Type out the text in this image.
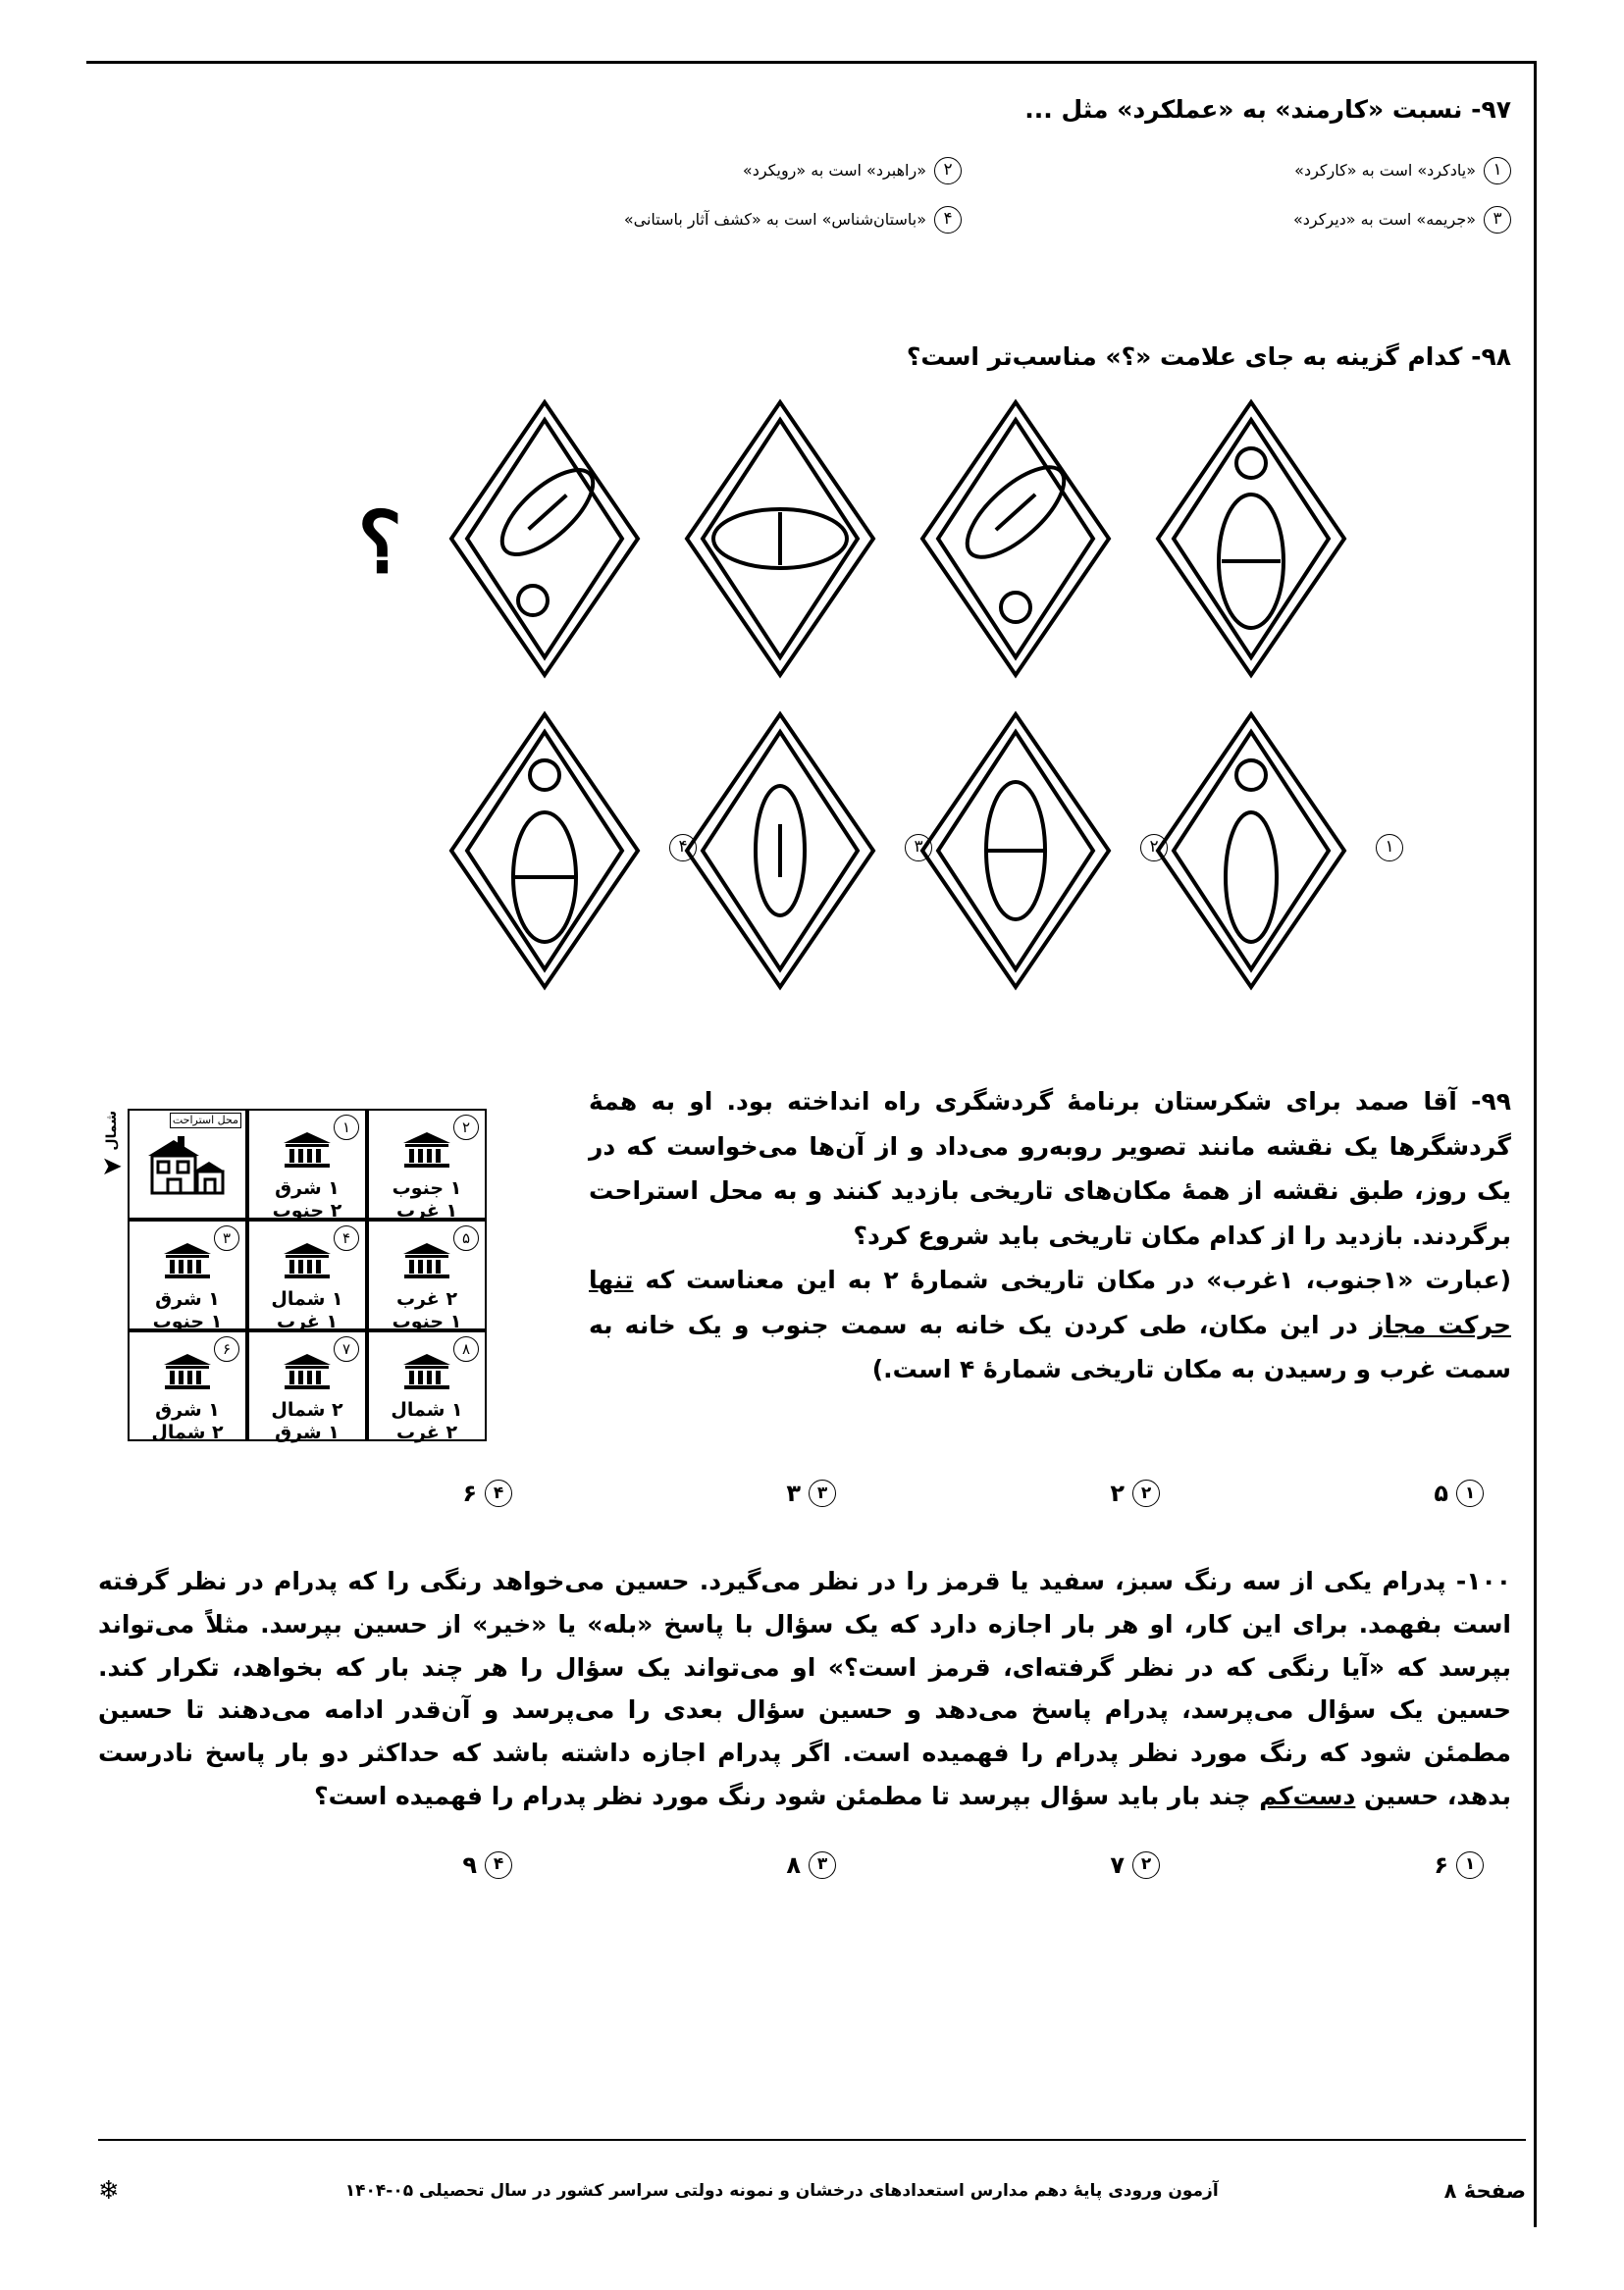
۹۷- نسبت «کارمند» به «عملکرد» مثل ...
۱
«یادکرد» است به «کارکرد»
۲
«راهبرد» است به «رویکرد»
۳
«جریمه» است به «دیرکرد»
۴
«باستان‌شناس» است به «کشف آثار باستانی»
۹۸- کدام گزینه به جای علامت «؟» مناسب‌تر است؟
؟
۱
۲
۳
۴
۹۹- آقا صمد برای شکرستان برنامهٔ گردشگری راه انداخته بود. او به همهٔ گردشگرها یک نقشه مانند تصویر روبه‌رو می‌داد و از آن‌ها می‌خواست که در یک روز، طبق نقشه از همهٔ مکان‌های تاریخی بازدید کنند و به محل استراحت برگردند. بازدید را از کدام مکان تاریخی باید شروع کرد؟
(عبارت «۱جنوب، ۱غرب» در مکان تاریخی شمارهٔ ۲ به این معناست که تنها حرکت مجاز در این مکان، طی کردن یک خانه به سمت جنوب و یک خانه به سمت غرب و رسیدن به مکان تاریخی شمارهٔ ۴ است.)
شمال
➤
۲
۱ جنوب
۱ غرب
۱
۱ شرق
۲ جنوب
محل استراحت
۵
۲ غرب
۱ جنوب
۴
۱ شمال
۱ غرب
۳
۱ شرق
۱ جنوب
۸
۱ شمال
۲ غرب
۷
۲ شمال
۱ شرق
۶
۱ شرق
۲ شمال
۱
۵
۲
۲
۳
۳
۴
۶
۱۰۰- پدرام یکی از سه رنگ سبز، سفید یا قرمز را در نظر می‌گیرد. حسین می‌خواهد رنگی را که پدرام در نظر گرفته است بفهمد. برای این کار، او هر بار اجازه دارد که یک سؤال با پاسخ «بله» یا «خیر» از حسین بپرسد. مثلاً می‌تواند بپرسد که «آیا رنگی که در نظر گرفته‌ای، قرمز است؟» او می‌تواند یک سؤال را هر چند بار که بخواهد، تکرار کند. حسین یک سؤال می‌پرسد، پدرام پاسخ می‌دهد و حسین سؤال بعدی را می‌پرسد و آن‌قدر ادامه می‌دهند تا حسین مطمئن شود که رنگ مورد نظر پدرام را فهمیده است. اگر پدرام اجازه داشته باشد که حداکثر دو بار پاسخ نادرست بدهد، حسین دست‌کم چند بار باید سؤال بپرسد تا مطمئن شود رنگ مورد نظر پدرام را فهمیده است؟
۱
۶
۲
۷
۳
۸
۴
۹
صفحهٔ ۸
آزمون ورودی پایهٔ دهم مدارس استعدادهای درخشان و نمونه دولتی سراسر کشور در سال تحصیلی ۰۵-۱۴۰۴
❄
